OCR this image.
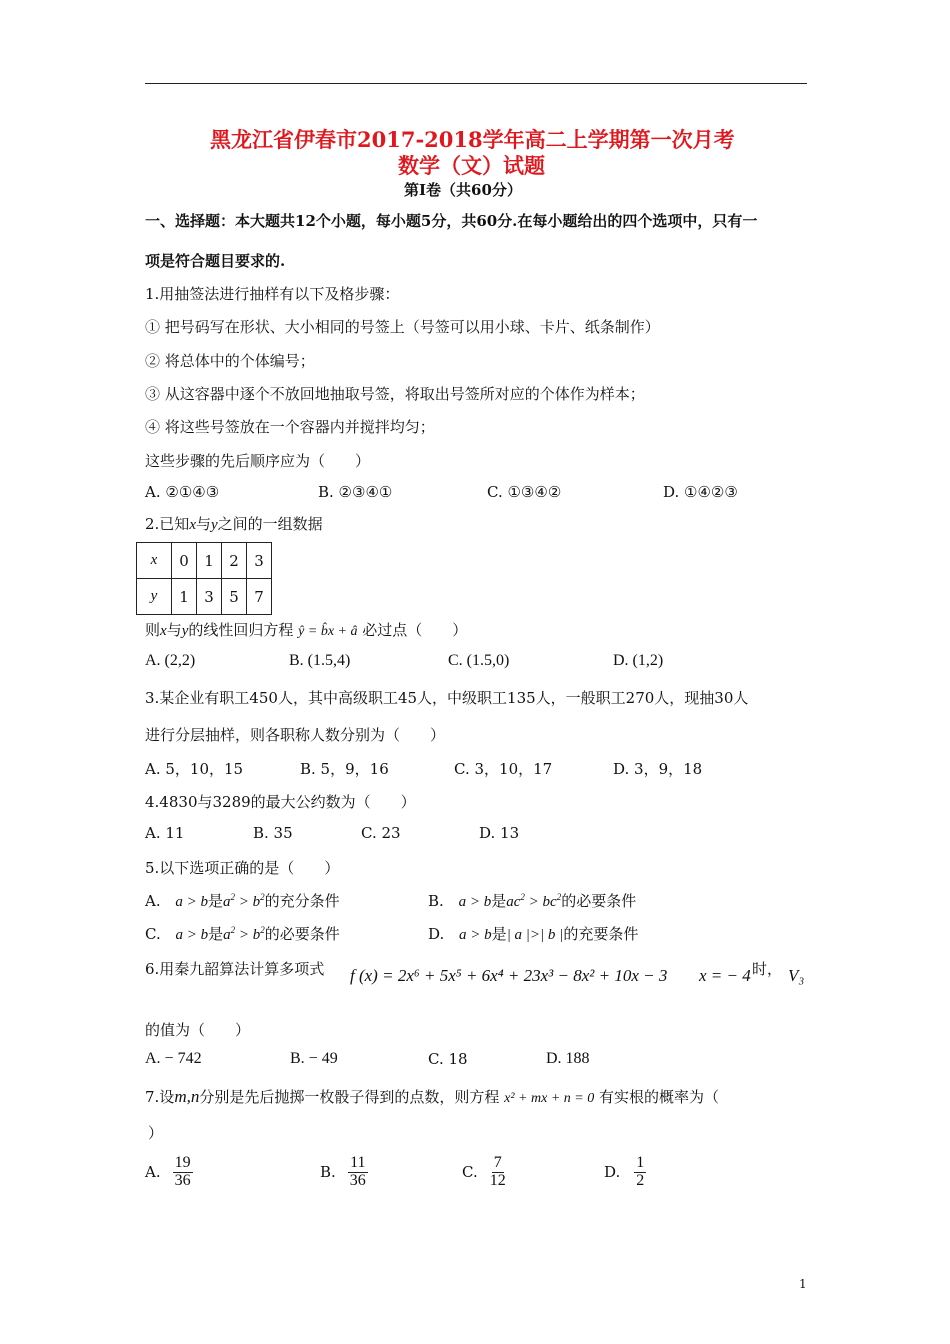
黑龙江省伊春市2017-2018学年高二上学期第一次月考
数学（文）试题
第Ⅰ卷（共60分）
一、选择题：本大题共12个小题，每小题5分，共60分.在每小题给出的四个选项中，只有一
项是符合题目要求的.
1.用抽签法进行抽样有以下及格步骤：
① 把号码写在形状、大小相同的号签上（号签可以用小球、卡片、纸条制作）
② 将总体中的个体编号；
③ 从这容器中逐个不放回地抽取号签，将取出号签所对应的个体作为样本；
④ 将这些号签放在一个容器内并搅拌均匀；
这些步骤的先后顺序应为（　　）
A. ②①④③	B. ②③④①	C. ①③④②	D. ①④②③
2.已知x与y之间的一组数据
x	0	1	2	3
y	1	3	5	7
则x与y的线性回归方程 ŷ = b̂x + â 必过点（　　）
A. (2,2)	B. (1.5,4)	C. (1.5,0)	D. (1,2)
3.某企业有职工450人，其中高级职工45人，中级职工135人，一般职工270人，现抽30人
进行分层抽样，则各职称人数分别为（　　）
A. 5，10，15	B. 5，9，16	C. 3，10，17	D. 3，9，18
4.4830与3289的最大公约数为（　　）
A. 11	B. 35	C. 23	D. 13
5.以下选项正确的是（　　）
A. a > b是$a^2 > b^2$的充分条件	B. a > b是$ac^2 > bc^2$的必要条件
C. a > b是$a^2 > b^2$的必要条件	D. a > b是| a |>| b |的充要条件
6.用秦九韶算法计算多项式 f (x) = 2x⁶ + 5x⁵ + 6x⁴ + 23x³ − 8x² + 10x − 3 x = − 4 时， V₃
的值为（　　）
A. − 742	B. − 49	C. 18	D. 188
7.设m,n分别是先后抛掷一枚骰子得到的点数，则方程 x² + mx + n = 0 有实根的概率为（
）
A. $\frac{19}{36}$	B. $\frac{11}{36}$	C. $\frac{7}{12}$	D. $\frac{1}{2}$
1
